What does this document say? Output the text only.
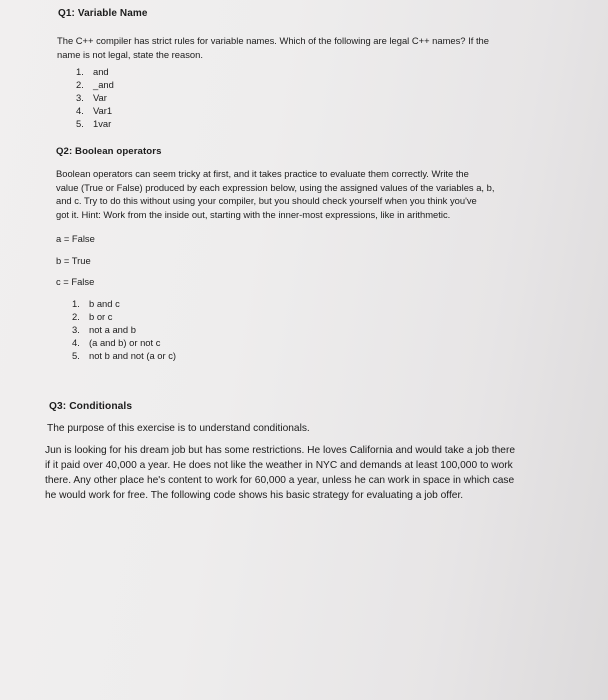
Q1: Variable Name
The C++ compiler has strict rules for variable names. Which of the following are legal C++ names? If the
name is not legal, state the reason.
1. and
2. _and
3. Var
4. Var1
5. 1var
Q2: Boolean operators
Boolean operators can seem tricky at first, and it takes practice to evaluate them correctly. Write the
value (True or False) produced by each expression below, using the assigned values of the variables a, b,
and c. Try to do this without using your compiler, but you should check yourself when you think you've
got it. Hint: Work from the inside out, starting with the inner-most expressions, like in arithmetic.
a = False
b = True
c = False
1. b and c
2. b or c
3. not a and b
4. (a and b) or not c
5. not b and not (a or c)
Q3: Conditionals
The purpose of this exercise is to understand conditionals.
Jun is looking for his dream job but has some restrictions. He loves California and would take a job there
if it paid over 40,000 a year. He does not like the weather in NYC and demands at least 100,000 to work
there. Any other place he's content to work for 60,000 a year, unless he can work in space in which case
he would work for free. The following code shows his basic strategy for evaluating a job offer.
